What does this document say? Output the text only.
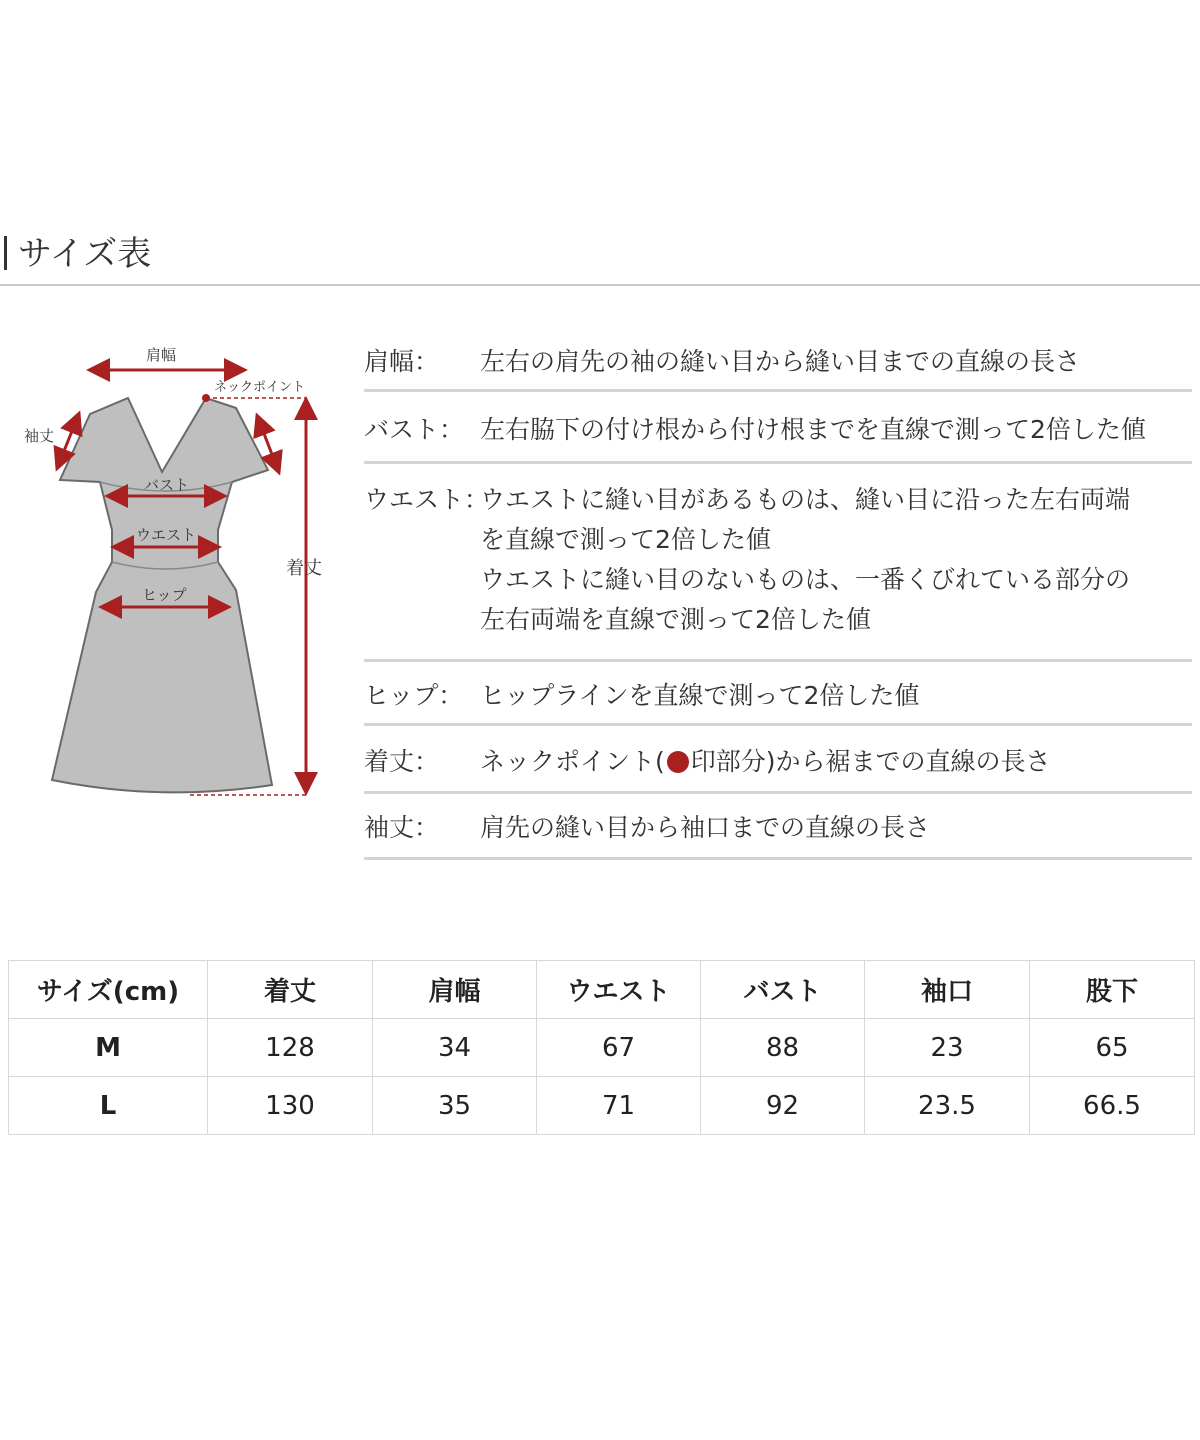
サイズ表
肩幅
ネックポイント
袖丈
バスト
ウエスト
ヒップ
着丈
肩幅：	左右の肩先の袖の縫い目から縫い目までの直線の長さ

バスト： 左右脇下の付け根から付け根までを直線で測って2倍した値

ウエスト：

ウエストに縫い目があるものは、縫い目に沿った左右両端

を直線で測って2倍した値

ウエストに縫い目のないものは、一番くびれている部分の

左右両端を直線で測って2倍した値

ヒップ： ヒップラインを直線で測って2倍した値

着丈：	ネックポイント( 印部分)から裾までの直線の長さ

袖丈：	肩先の縫い目から袖口までの直線の長さ

サイズ(cm)	着丈	肩幅	ウエスト	バスト	袖口	股下
M	128	34	67	88	23	65
L	130	35	71	92	23.5	66.5
